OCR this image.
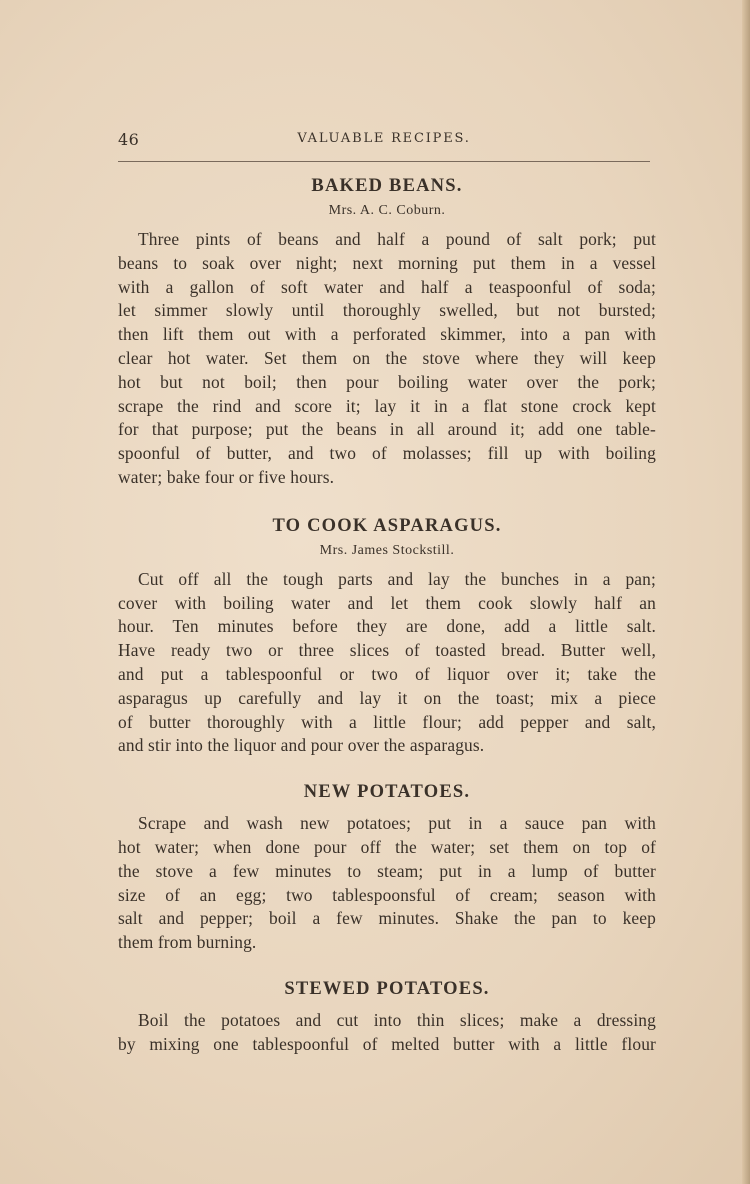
46	VALUABLE RECIPES.
BAKED BEANS.

Mrs. A. C. Coburn.

Three pints of beans and half a pound of salt pork; put
beans to soak over night; next morning put them in a vessel
with a gallon of soft water and half a teaspoonful of soda;
let simmer slowly until thoroughly swelled, but not bursted;
then lift them out with a perforated skimmer, into a pan with
clear hot water. Set them on the stove where they will keep
hot but not boil; then pour boiling water over the pork;
scrape the rind and score it; lay it in a flat stone crock kept
for that purpose; put the beans in all around it; add one table-
spoonful of butter, and two of molasses; fill up with boiling
water; bake four or five hours.

TO COOK ASPARAGUS.

Mrs. James Stockstill.

Cut off all the tough parts and lay the bunches in a pan;
cover with boiling water and let them cook slowly half an
hour. Ten minutes before they are done, add a little salt.
Have ready two or three slices of toasted bread. Butter well,
and put a tablespoonful or two of liquor over it; take the
asparagus up carefully and lay it on the toast; mix a piece
of butter thoroughly with a little flour; add pepper and salt,
and stir into the liquor and pour over the asparagus.

NEW POTATOES.

Scrape and wash new potatoes; put in a sauce pan with
hot water; when done pour off the water; set them on top of
the stove a few minutes to steam; put in a lump of butter
size of an egg; two tablespoonsful of cream; season with
salt and pepper; boil a few minutes. Shake the pan to keep
them from burning.

STEWED POTATOES.

Boil the potatoes and cut into thin slices; make a dressing
by mixing one tablespoonful of melted butter with a little flour
